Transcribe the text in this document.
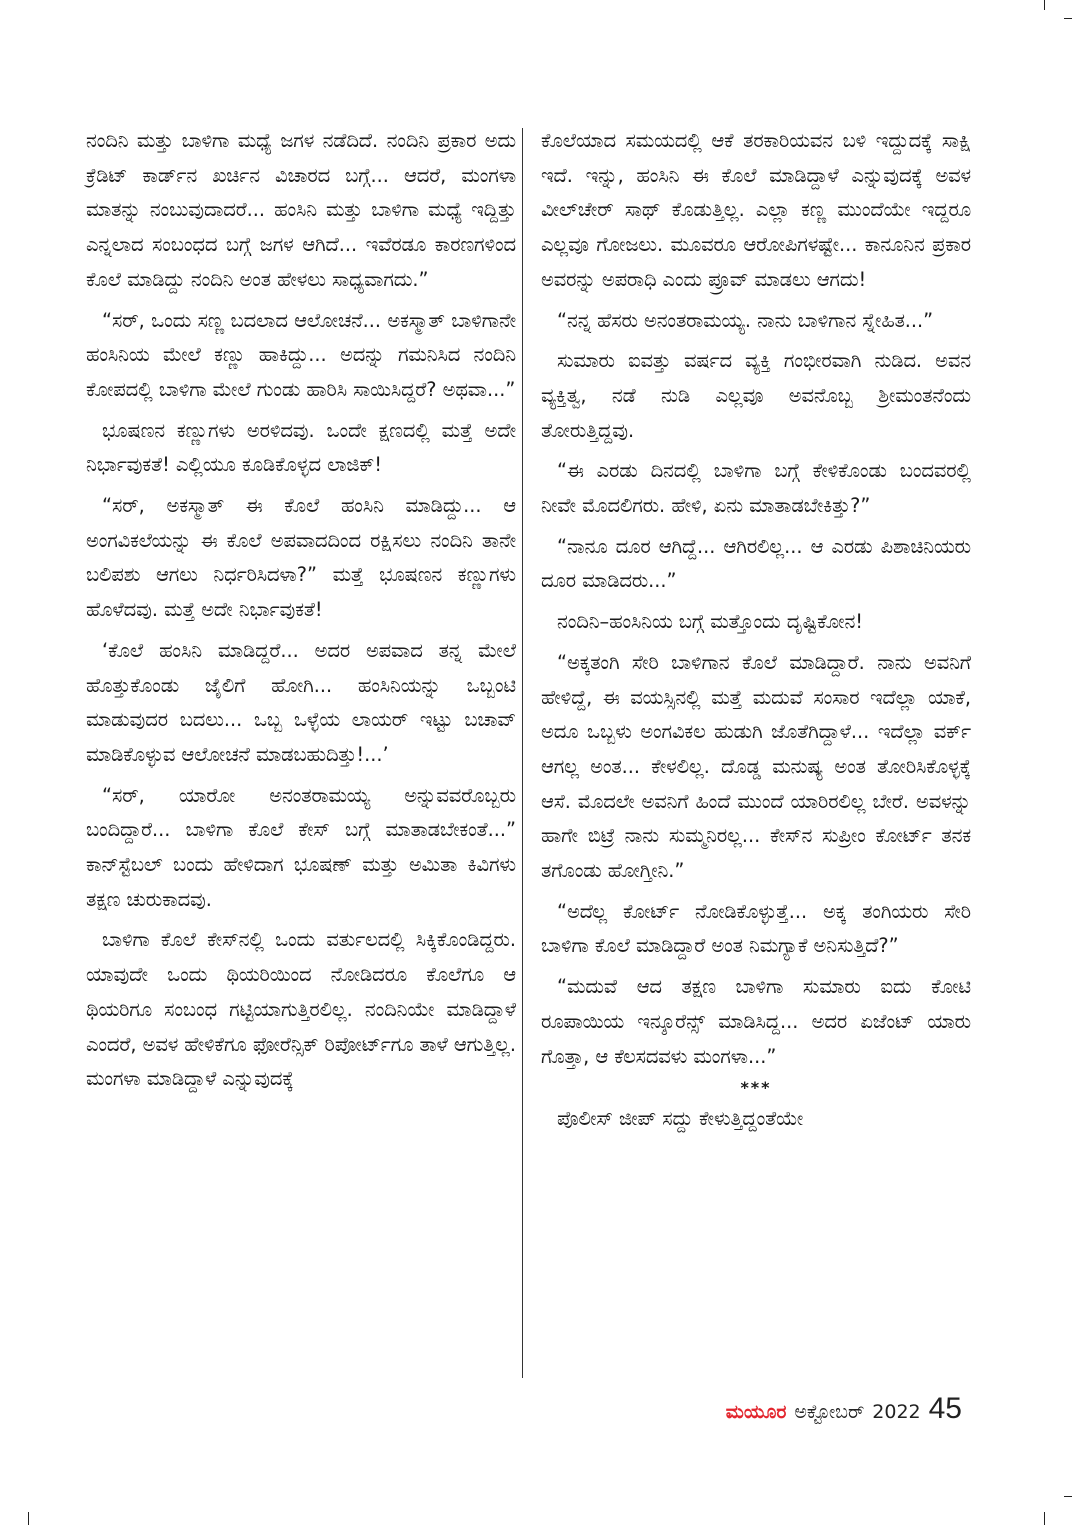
ನಂದಿನಿ ಮತ್ತು ಬಾಳಿಗಾ ಮಧ್ಯೆ ಜಗಳ ನಡೆದಿದೆ. ನಂದಿನಿ ಪ್ರಕಾರ ಅದು ಕ್ರೆಡಿಟ್ ಕಾರ್ಡ್‌ನ ಖರ್ಚಿನ ವಿಚಾರದ ಬಗ್ಗೆ... ಆದರೆ, ಮಂಗಳಾ ಮಾತನ್ನು ನಂಬುವುದಾದರೆ... ಹಂಸಿನಿ ಮತ್ತು ಬಾಳಿಗಾ ಮಧ್ಯೆ ಇದ್ದಿತ್ತು ಎನ್ನಲಾದ ಸಂಬಂಧದ ಬಗ್ಗೆ ಜಗಳ ಆಗಿದೆ... ಇವೆರಡೂ ಕಾರಣಗಳಿಂದ ಕೊಲೆ ಮಾಡಿದ್ದು ನಂದಿನಿ ಅಂತ ಹೇಳಲು ಸಾಧ್ಯವಾಗದು.”

“ಸರ್, ಒಂದು ಸಣ್ಣ ಬದಲಾದ ಆಲೋಚನೆ... ಅಕಸ್ಮಾತ್ ಬಾಳಿಗಾನೇ ಹಂಸಿನಿಯ ಮೇಲೆ ಕಣ್ಣು ಹಾಕಿದ್ದು... ಅದನ್ನು ಗಮನಿಸಿದ ನಂದಿನಿ ಕೋಪದಲ್ಲಿ ಬಾಳಿಗಾ ಮೇಲೆ ಗುಂಡು ಹಾರಿಸಿ ಸಾಯಿಸಿದ್ದರೆ? ಅಥವಾ...”

ಭೂಷಣನ ಕಣ್ಣುಗಳು ಅರಳಿದವು. ಒಂದೇ ಕ್ಷಣದಲ್ಲಿ ಮತ್ತೆ ಅದೇ ನಿರ್ಭಾವುಕತೆ! ಎಲ್ಲಿಯೂ ಕೂಡಿಕೊಳ್ಳದ ಲಾಜಿಕ್!

“ಸರ್, ಅಕಸ್ಮಾತ್ ಈ ಕೊಲೆ ಹಂಸಿನಿ ಮಾಡಿದ್ದು... ಆ ಅಂಗವಿಕಲೆಯನ್ನು ಈ ಕೊಲೆ ಅಪವಾದದಿಂದ ರಕ್ಷಿಸಲು ನಂದಿನಿ ತಾನೇ ಬಲಿಪಶು ಆಗಲು ನಿರ್ಧರಿಸಿದಳಾ?” ಮತ್ತೆ ಭೂಷಣನ ಕಣ್ಣುಗಳು ಹೊಳೆದವು. ಮತ್ತೆ ಅದೇ ನಿರ್ಭಾವುಕತೆ!

‘ಕೊಲೆ ಹಂಸಿನಿ ಮಾಡಿದ್ದರೆ... ಅದರ ಅಪವಾದ ತನ್ನ ಮೇಲೆ ಹೊತ್ತುಕೊಂಡು ಜೈಲಿಗೆ ಹೋಗಿ... ಹಂಸಿನಿಯನ್ನು ಒಬ್ಬಂಟಿ ಮಾಡುವುದರ ಬದಲು... ಒಬ್ಬ ಒಳ್ಳೆಯ ಲಾಯರ್ ಇಟ್ಟು ಬಚಾವ್ ಮಾಡಿಕೊಳ್ಳುವ ಆಲೋಚನೆ ಮಾಡಬಹುದಿತ್ತು!...’

“ಸರ್, ಯಾರೋ ಅನಂತರಾಮಯ್ಯ ಅನ್ನುವವರೊಬ್ಬರು ಬಂದಿದ್ದಾರೆ... ಬಾಳಿಗಾ ಕೊಲೆ ಕೇಸ್ ಬಗ್ಗೆ ಮಾತಾಡಬೇಕಂತೆ...” ಕಾನ್‌ಸ್ಟೆಬಲ್ ಬಂದು ಹೇಳಿದಾಗ ಭೂಷಣ್ ಮತ್ತು ಅಮಿತಾ ಕಿವಿಗಳು ತಕ್ಷಣ ಚುರುಕಾದವು.

ಬಾಳಿಗಾ ಕೊಲೆ ಕೇಸ್‌ನಲ್ಲಿ ಒಂದು ವರ್ತುಲದಲ್ಲಿ ಸಿಕ್ಕಿಕೊಂಡಿದ್ದರು. ಯಾವುದೇ ಒಂದು ಥಿಯರಿಯಿಂದ ನೋಡಿದರೂ ಕೊಲೆಗೂ ಆ ಥಿಯರಿಗೂ ಸಂಬಂಧ ಗಟ್ಟಿಯಾಗುತ್ತಿರಲಿಲ್ಲ. ನಂದಿನಿಯೇ ಮಾಡಿದ್ದಾಳೆ ಎಂದರೆ, ಅವಳ ಹೇಳಿಕೆಗೂ ಫೋರೆನ್ಸಿಕ್ ರಿಪೋರ್ಟ್‌ಗೂ ತಾಳೆ ಆಗುತ್ತಿಲ್ಲ. ಮಂಗಳಾ ಮಾಡಿದ್ದಾಳೆ ಎನ್ನುವುದಕ್ಕೆ

ಕೊಲೆಯಾದ ಸಮಯದಲ್ಲಿ ಆಕೆ ತರಕಾರಿಯವನ ಬಳಿ ಇದ್ದುದಕ್ಕೆ ಸಾಕ್ಷಿ ಇದೆ. ಇನ್ನು, ಹಂಸಿನಿ ಈ ಕೊಲೆ ಮಾಡಿದ್ದಾಳೆ ಎನ್ನುವುದಕ್ಕೆ ಅವಳ ವೀಲ್‌ಚೇರ್ ಸಾಥ್ ಕೊಡುತ್ತಿಲ್ಲ. ಎಲ್ಲಾ ಕಣ್ಣ ಮುಂದೆಯೇ ಇದ್ದರೂ ಎಲ್ಲವೂ ಗೋಜಲು. ಮೂವರೂ ಆರೋಪಿಗಳಷ್ಟೇ... ಕಾನೂನಿನ ಪ್ರಕಾರ ಅವರನ್ನು ಅಪರಾಧಿ ಎಂದು ಪ್ರೂವ್ ಮಾಡಲು ಆಗದು!

“ನನ್ನ ಹೆಸರು ಅನಂತರಾಮಯ್ಯ. ನಾನು ಬಾಳಿಗಾನ ಸ್ನೇಹಿತ...”

ಸುಮಾರು ಐವತ್ತು ವರ್ಷದ ವ್ಯಕ್ತಿ ಗಂಭೀರವಾಗಿ ನುಡಿದ. ಅವನ ವ್ಯಕ್ತಿತ್ವ, ನಡೆ ನುಡಿ ಎಲ್ಲವೂ ಅವನೊಬ್ಬ ಶ್ರೀಮಂತನೆಂದು ತೋರುತ್ತಿದ್ದವು.

“ಈ ಎರಡು ದಿನದಲ್ಲಿ ಬಾಳಿಗಾ ಬಗ್ಗೆ ಕೇಳಿಕೊಂಡು ಬಂದವರಲ್ಲಿ ನೀವೇ ಮೊದಲಿಗರು. ಹೇಳಿ, ಏನು ಮಾತಾಡಬೇಕಿತ್ತು?”

“ನಾನೂ ದೂರ ಆಗಿದ್ದೆ... ಆಗಿರಲಿಲ್ಲ... ಆ ಎರಡು ಪಿಶಾಚಿನಿಯರು ದೂರ ಮಾಡಿದರು...”

ನಂದಿನಿ–ಹಂಸಿನಿಯ ಬಗ್ಗೆ ಮತ್ತೊಂದು ದೃಷ್ಟಿಕೋನ!

“ಅಕ್ಕತಂಗಿ ಸೇರಿ ಬಾಳಿಗಾನ ಕೊಲೆ ಮಾಡಿದ್ದಾರೆ. ನಾನು ಅವನಿಗೆ ಹೇಳಿದ್ದೆ, ಈ ವಯಸ್ಸಿನಲ್ಲಿ ಮತ್ತೆ ಮದುವೆ ಸಂಸಾರ ಇದೆಲ್ಲಾ ಯಾಕೆ, ಅದೂ ಒಬ್ಬಳು ಅಂಗವಿಕಲ ಹುಡುಗಿ ಜೊತೆಗಿದ್ದಾಳೆ... ಇದೆಲ್ಲಾ ವರ್ಕ್ ಆಗಲ್ಲ ಅಂತ... ಕೇಳಲಿಲ್ಲ. ದೊಡ್ಡ ಮನುಷ್ಯ ಅಂತ ತೋರಿಸಿಕೊಳ್ಳಕ್ಕೆ ಆಸೆ. ಮೊದಲೇ ಅವನಿಗೆ ಹಿಂದೆ ಮುಂದೆ ಯಾರಿರಲಿಲ್ಲ ಬೇರೆ. ಅವಳನ್ನು ಹಾಗೇ ಬಿಟ್ರೆ ನಾನು ಸುಮ್ಮನಿರಲ್ಲ... ಕೇಸ್‌ನ ಸುಪ್ರೀಂ ಕೋರ್ಟ್ ತನಕ ತಗೊಂಡು ಹೋಗ್ತೀನಿ.”

“ಅದೆಲ್ಲ ಕೋರ್ಟ್ ನೋಡಿಕೊಳ್ಳುತ್ತೆ... ಅಕ್ಕ ತಂಗಿಯರು ಸೇರಿ ಬಾಳಿಗಾ ಕೊಲೆ ಮಾಡಿದ್ದಾರೆ ಅಂತ ನಿಮಗ್ಯಾಕೆ ಅನಿಸುತ್ತಿದೆ?”

“ಮದುವೆ ಆದ ತಕ್ಷಣ ಬಾಳಿಗಾ ಸುಮಾರು ಐದು ಕೋಟಿ ರೂಪಾಯಿಯ ಇನ್ಶೂರೆನ್ಸ್ ಮಾಡಿಸಿದ್ದ... ಅದರ ಏಜೆಂಟ್ ಯಾರು ಗೊತ್ತಾ, ಆ ಕೆಲಸದವಳು ಮಂಗಳಾ...”

***

ಪೊಲೀಸ್ ಜೀಪ್ ಸದ್ದು ಕೇಳುತ್ತಿದ್ದಂತೆಯೇ

ಮಯೂರ ಅಕ್ಟೋಬರ್ 2022 45
